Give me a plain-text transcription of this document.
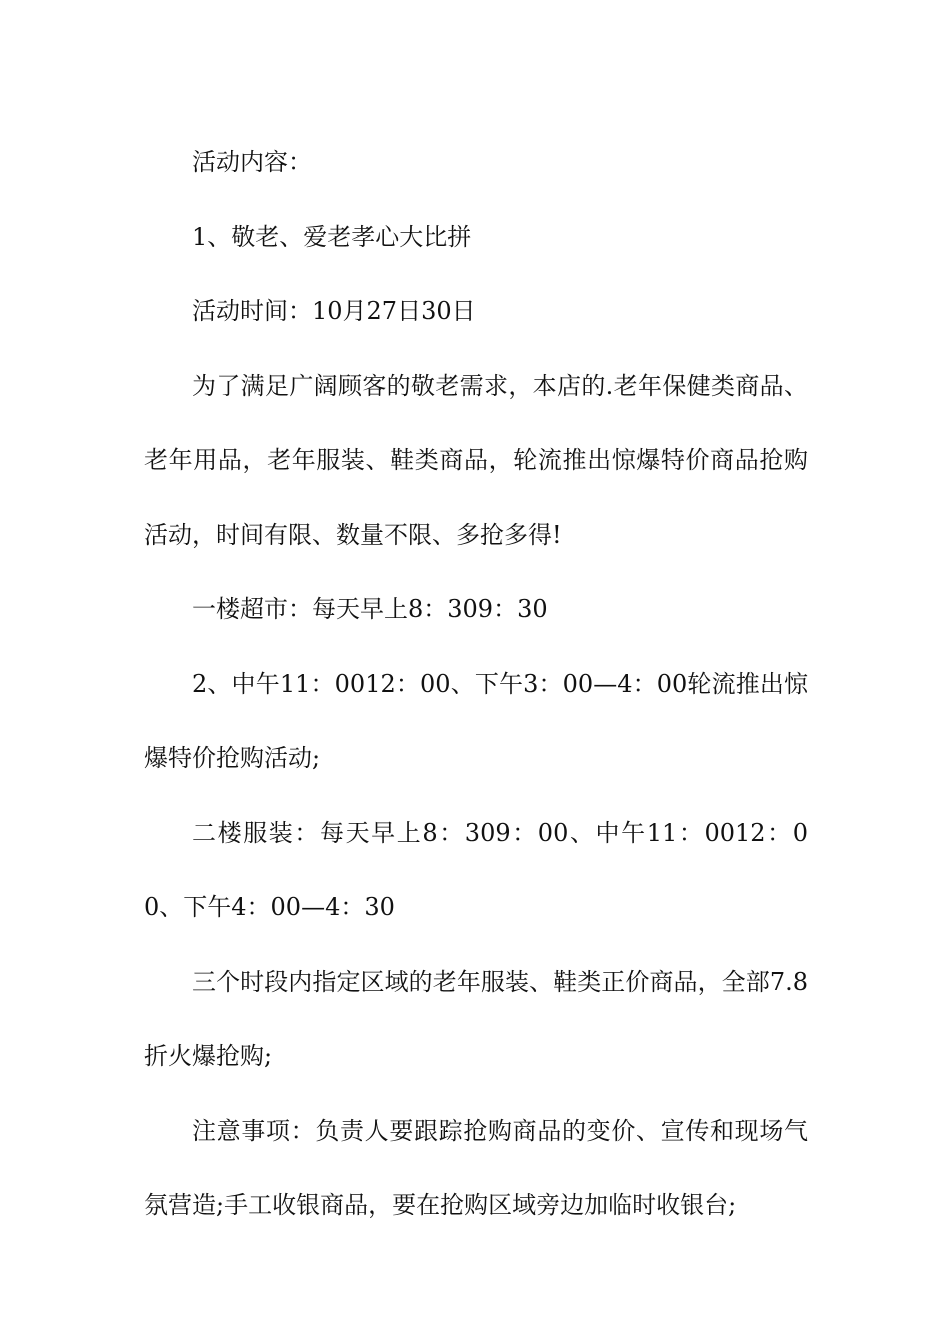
活动内容：

1、敬老、爱老孝心大比拼

活动时间：10月27日30日

为了满足广阔顾客的敬老需求，本店的.老年保健类商品、老年用品，老年服装、鞋类商品，轮流推出惊爆特价商品抢购活动，时间有限、数量不限、多抢多得!

一楼超市：每天早上8：309：30

2、中午11：0012：00、下午3：00—4：00轮流推出惊爆特价抢购活动;

二楼服装：每天早上8：309：00、中午11：0012：00、下午4：00—4：30

三个时段内指定区域的老年服装、鞋类正价商品，全部7.8折火爆抢购;

注意事项：负责人要跟踪抢购商品的变价、宣传和现场气氛营造;手工收银商品，要在抢购区域旁边加临时收银台;
